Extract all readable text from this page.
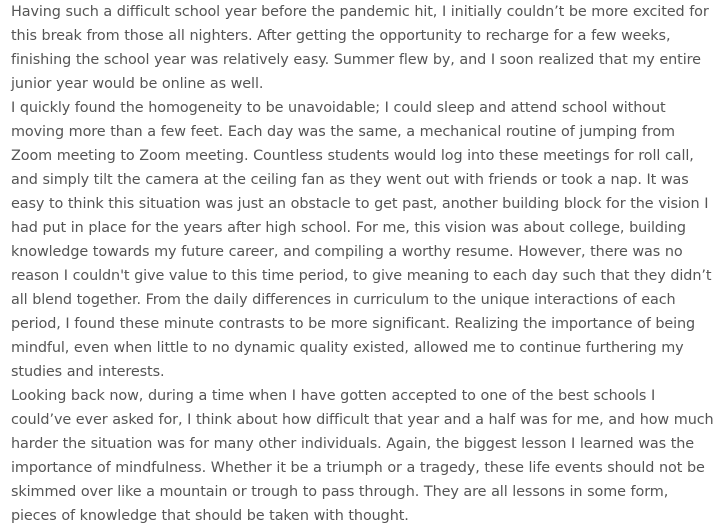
Having such a difficult school year before the pandemic hit, I initially couldn’t be more excited for this break from those all nighters. After getting the opportunity to recharge for a few weeks, finishing the school year was relatively easy. Summer flew by, and I soon realized that my entire junior year would be online as well.

I quickly found the homogeneity to be unavoidable; I could sleep and attend school without moving more than a few feet. Each day was the same, a mechanical routine of jumping from Zoom meeting to Zoom meeting. Countless students would log into these meetings for roll call, and simply tilt the camera at the ceiling fan as they went out with friends or took a nap. It was easy to think this situation was just an obstacle to get past, another building block for the vision I had put in place for the years after high school. For me, this vision was about college, building knowledge towards my future career, and compiling a worthy resume. However, there was no reason I couldn't give value to this time period, to give meaning to each day such that they didn’t all blend together. From the daily differences in curriculum to the unique interactions of each period, I found these minute contrasts to be more significant. Realizing the importance of being mindful, even when little to no dynamic quality existed, allowed me to continue furthering my studies and interests.

Looking back now, during a time when I have gotten accepted to one of the best schools I could’ve ever asked for, I think about how difficult that year and a half was for me, and how much harder the situation was for many other individuals. Again, the biggest lesson I learned was the importance of mindfulness. Whether it be a triumph or a tragedy, these life events should not be skimmed over like a mountain or trough to pass through. They are all lessons in some form, pieces of knowledge that should be taken with thought.
